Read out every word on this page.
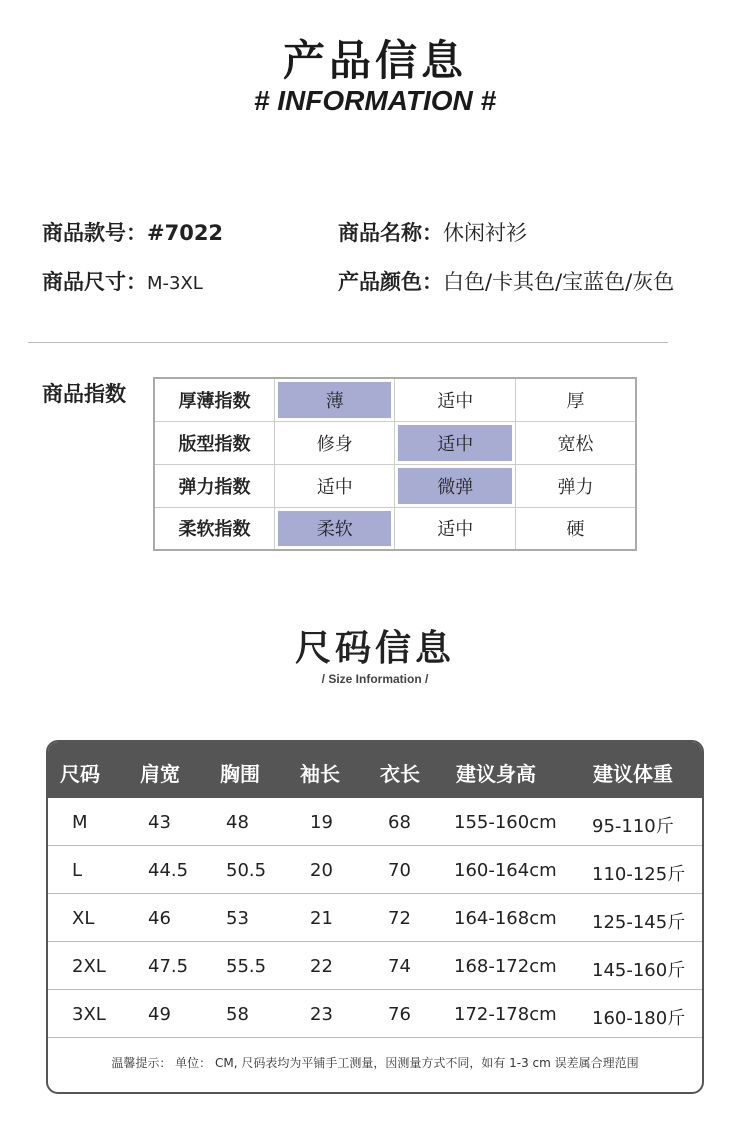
产品信息
# INFORMATION #
商品款号：#7022	商品名称：休闲衬衫
商品尺寸：M-3XL	产品颜色：白色/卡其色/宝蓝色/灰色
商品指数	厚薄指数	薄	适中	厚
版型指数	修身	适中	宽松
弹力指数	适中	微弹	弹力
柔软指数	柔软	适中	硬
尺码信息
/ Size Information /
尺码 肩宽 胸围 袖长 衣长 建议身高	建议体重
温馨提示： 单位： CM, 尺码表均为平铺手工测量，因测量方式不同，如有 1-3 cm 误差属合理范围
M	43	48	19	68 155-160cm 95-110斤
L	44.5 50.5 20	70 160-164cm 110-125斤
XL	46	53	21	72 164-168cm 125-145斤
2XL 47.5 55.5 22	74 168-172cm 145-160斤
3XL 49	58	23	76 172-178cm 160-180斤
